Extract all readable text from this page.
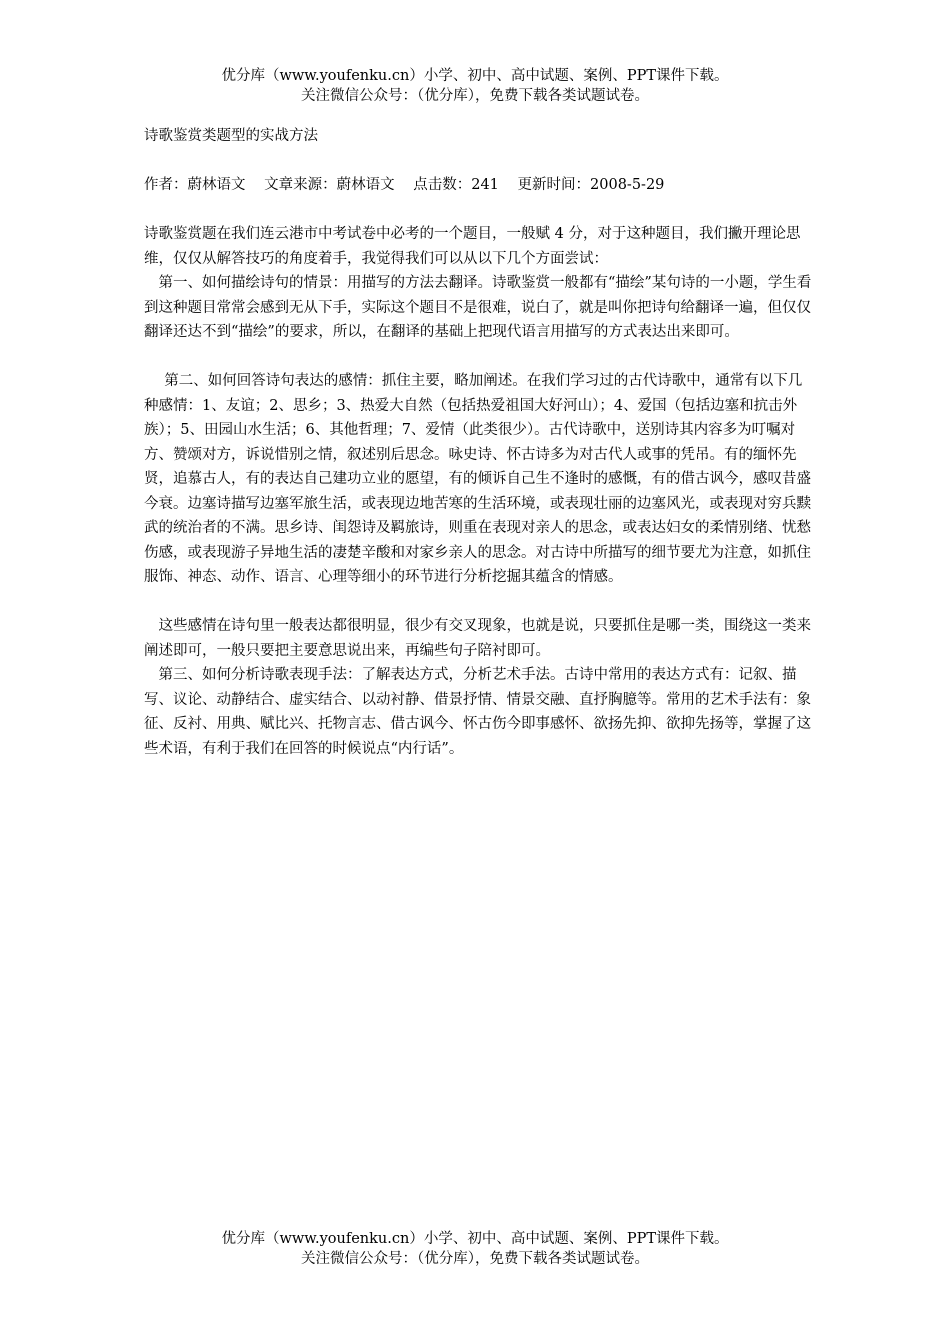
优分库（www.youfenku.cn）小学、初中、高中试题、案例、PPT课件下载。
关注微信公众号：（优分库），免费下载各类试题试卷。

诗歌鉴赏类题型的实战方法

作者：蔚林语文 文章来源：蔚林语文 点击数：241 更新时间：2008-5-29

诗歌鉴赏题在我们连云港市中考试卷中必考的一个题目，一般赋 4 分，对于这种题目，我们撇开理论思维，仅仅从解答技巧的角度着手，我觉得我们可以从以下几个方面尝试：

第一、如何描绘诗句的情景：用描写的方法去翻译。诗歌鉴赏一般都有“描绘”某句诗的一小题，学生看到这种题目常常会感到无从下手，实际这个题目不是很难，说白了，就是叫你把诗句给翻译一遍，但仅仅翻译还达不到“描绘”的要求，所以，在翻译的基础上把现代语言用描写的方式表达出来即可。

第二、如何回答诗句表达的感情：抓住主要，略加阐述。在我们学习过的古代诗歌中，通常有以下几种感情：1、友谊；2、思乡；3、热爱大自然（包括热爱祖国大好河山）；4、爱国（包括边塞和抗击外族）；5、田园山水生活；6、其他哲理；7、爱情（此类很少）。古代诗歌中，送别诗其内容多为叮嘱对方、赞颂对方，诉说惜别之情，叙述别后思念。咏史诗、怀古诗多为对古代人或事的凭吊。有的缅怀先贤，追慕古人，有的表达自己建功立业的愿望，有的倾诉自己生不逢时的感慨，有的借古讽今，感叹昔盛今衰。边塞诗描写边塞军旅生活，或表现边地苦寒的生活环境，或表现壮丽的边塞风光，或表现对穷兵黩武的统治者的不满。思乡诗、闺怨诗及羁旅诗，则重在表现对亲人的思念，或表达妇女的柔情别绪、忧愁伤感，或表现游子异地生活的凄楚辛酸和对家乡亲人的思念。对古诗中所描写的细节要尤为注意，如抓住服饰、神态、动作、语言、心理等细小的环节进行分析挖掘其蕴含的情感。

这些感情在诗句里一般表达都很明显，很少有交叉现象，也就是说，只要抓住是哪一类，围绕这一类来阐述即可，一般只要把主要意思说出来，再编些句子陪衬即可。

第三、如何分析诗歌表现手法：了解表达方式，分析艺术手法。古诗中常用的表达方式有：记叙、描写、议论、动静结合、虚实结合、以动衬静、借景抒情、情景交融、直抒胸臆等。常用的艺术手法有：象征、反衬、用典、赋比兴、托物言志、借古讽今、怀古伤今即事感怀、欲扬先抑、欲抑先扬等，掌握了这些术语，有利于我们在回答的时候说点“内行话”。

优分库（www.youfenku.cn）小学、初中、高中试题、案例、PPT课件下载。
关注微信公众号：（优分库），免费下载各类试题试卷。
